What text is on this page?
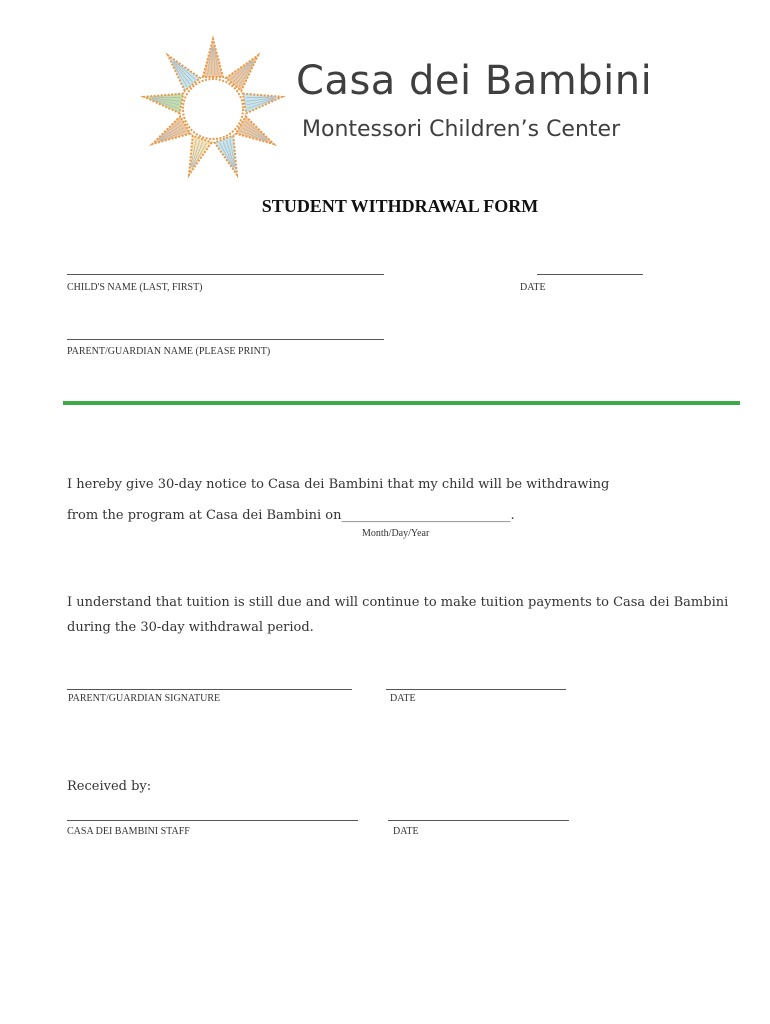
Casa dei Bambini
Montessori Children’s Center
STUDENT WITHDRAWAL FORM
CHILD'S NAME (LAST, FIRST)	DATE
PARENT/GUARDIAN NAME (PLEASE PRINT)
I hereby give 30-day notice to Casa dei Bambini that my child will be withdrawing
from the program at Casa dei Bambini on__________________________.
Month/Day/Year
I understand that tuition is still due and will continue to make tuition payments to Casa dei Bambini
during the 30-day withdrawal period.
PARENT/GUARDIAN SIGNATURE	DATE
Received by:
CASA DEI BAMBINI STAFF	DATE
